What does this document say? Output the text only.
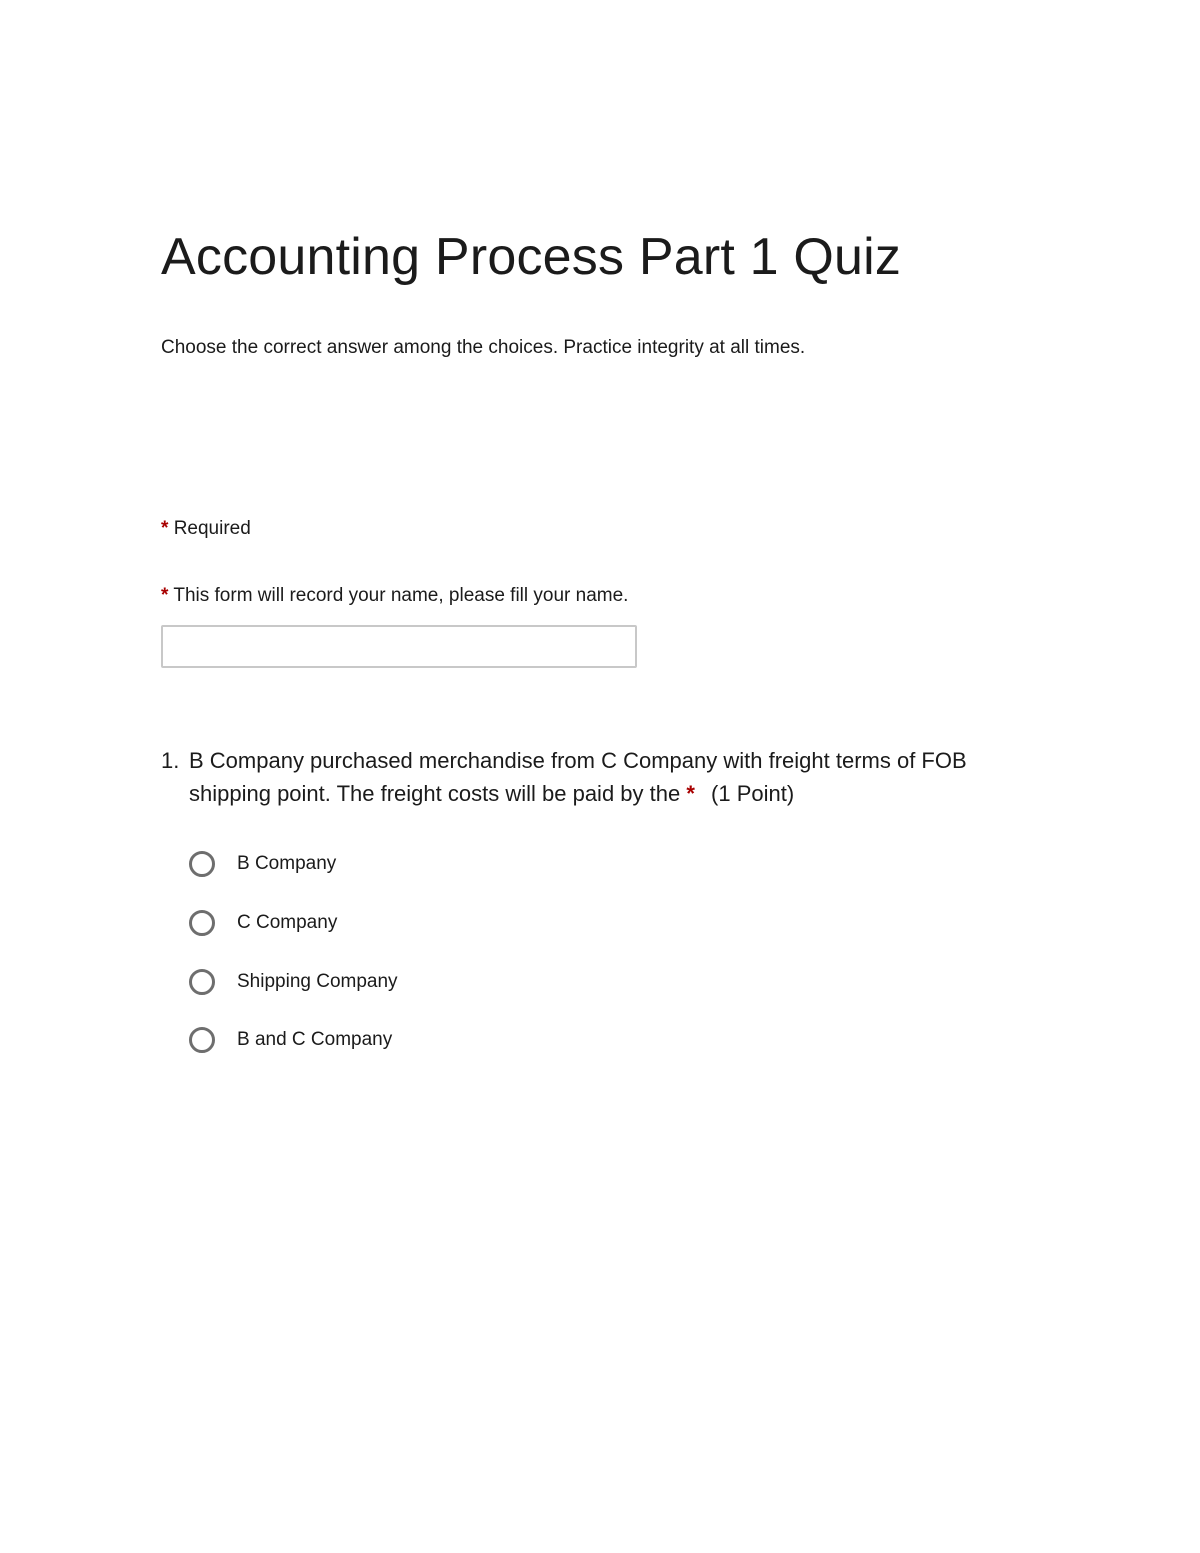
Accounting Process Part 1 Quiz
Choose the correct answer among the choices. Practice integrity at all times.
* Required
* This form will record your name, please fill your name.
1. B Company purchased merchandise from C Company with freight terms of FOB shipping point. The freight costs will be paid by the * (1 Point)
B Company
C Company
Shipping Company
B and C Company
